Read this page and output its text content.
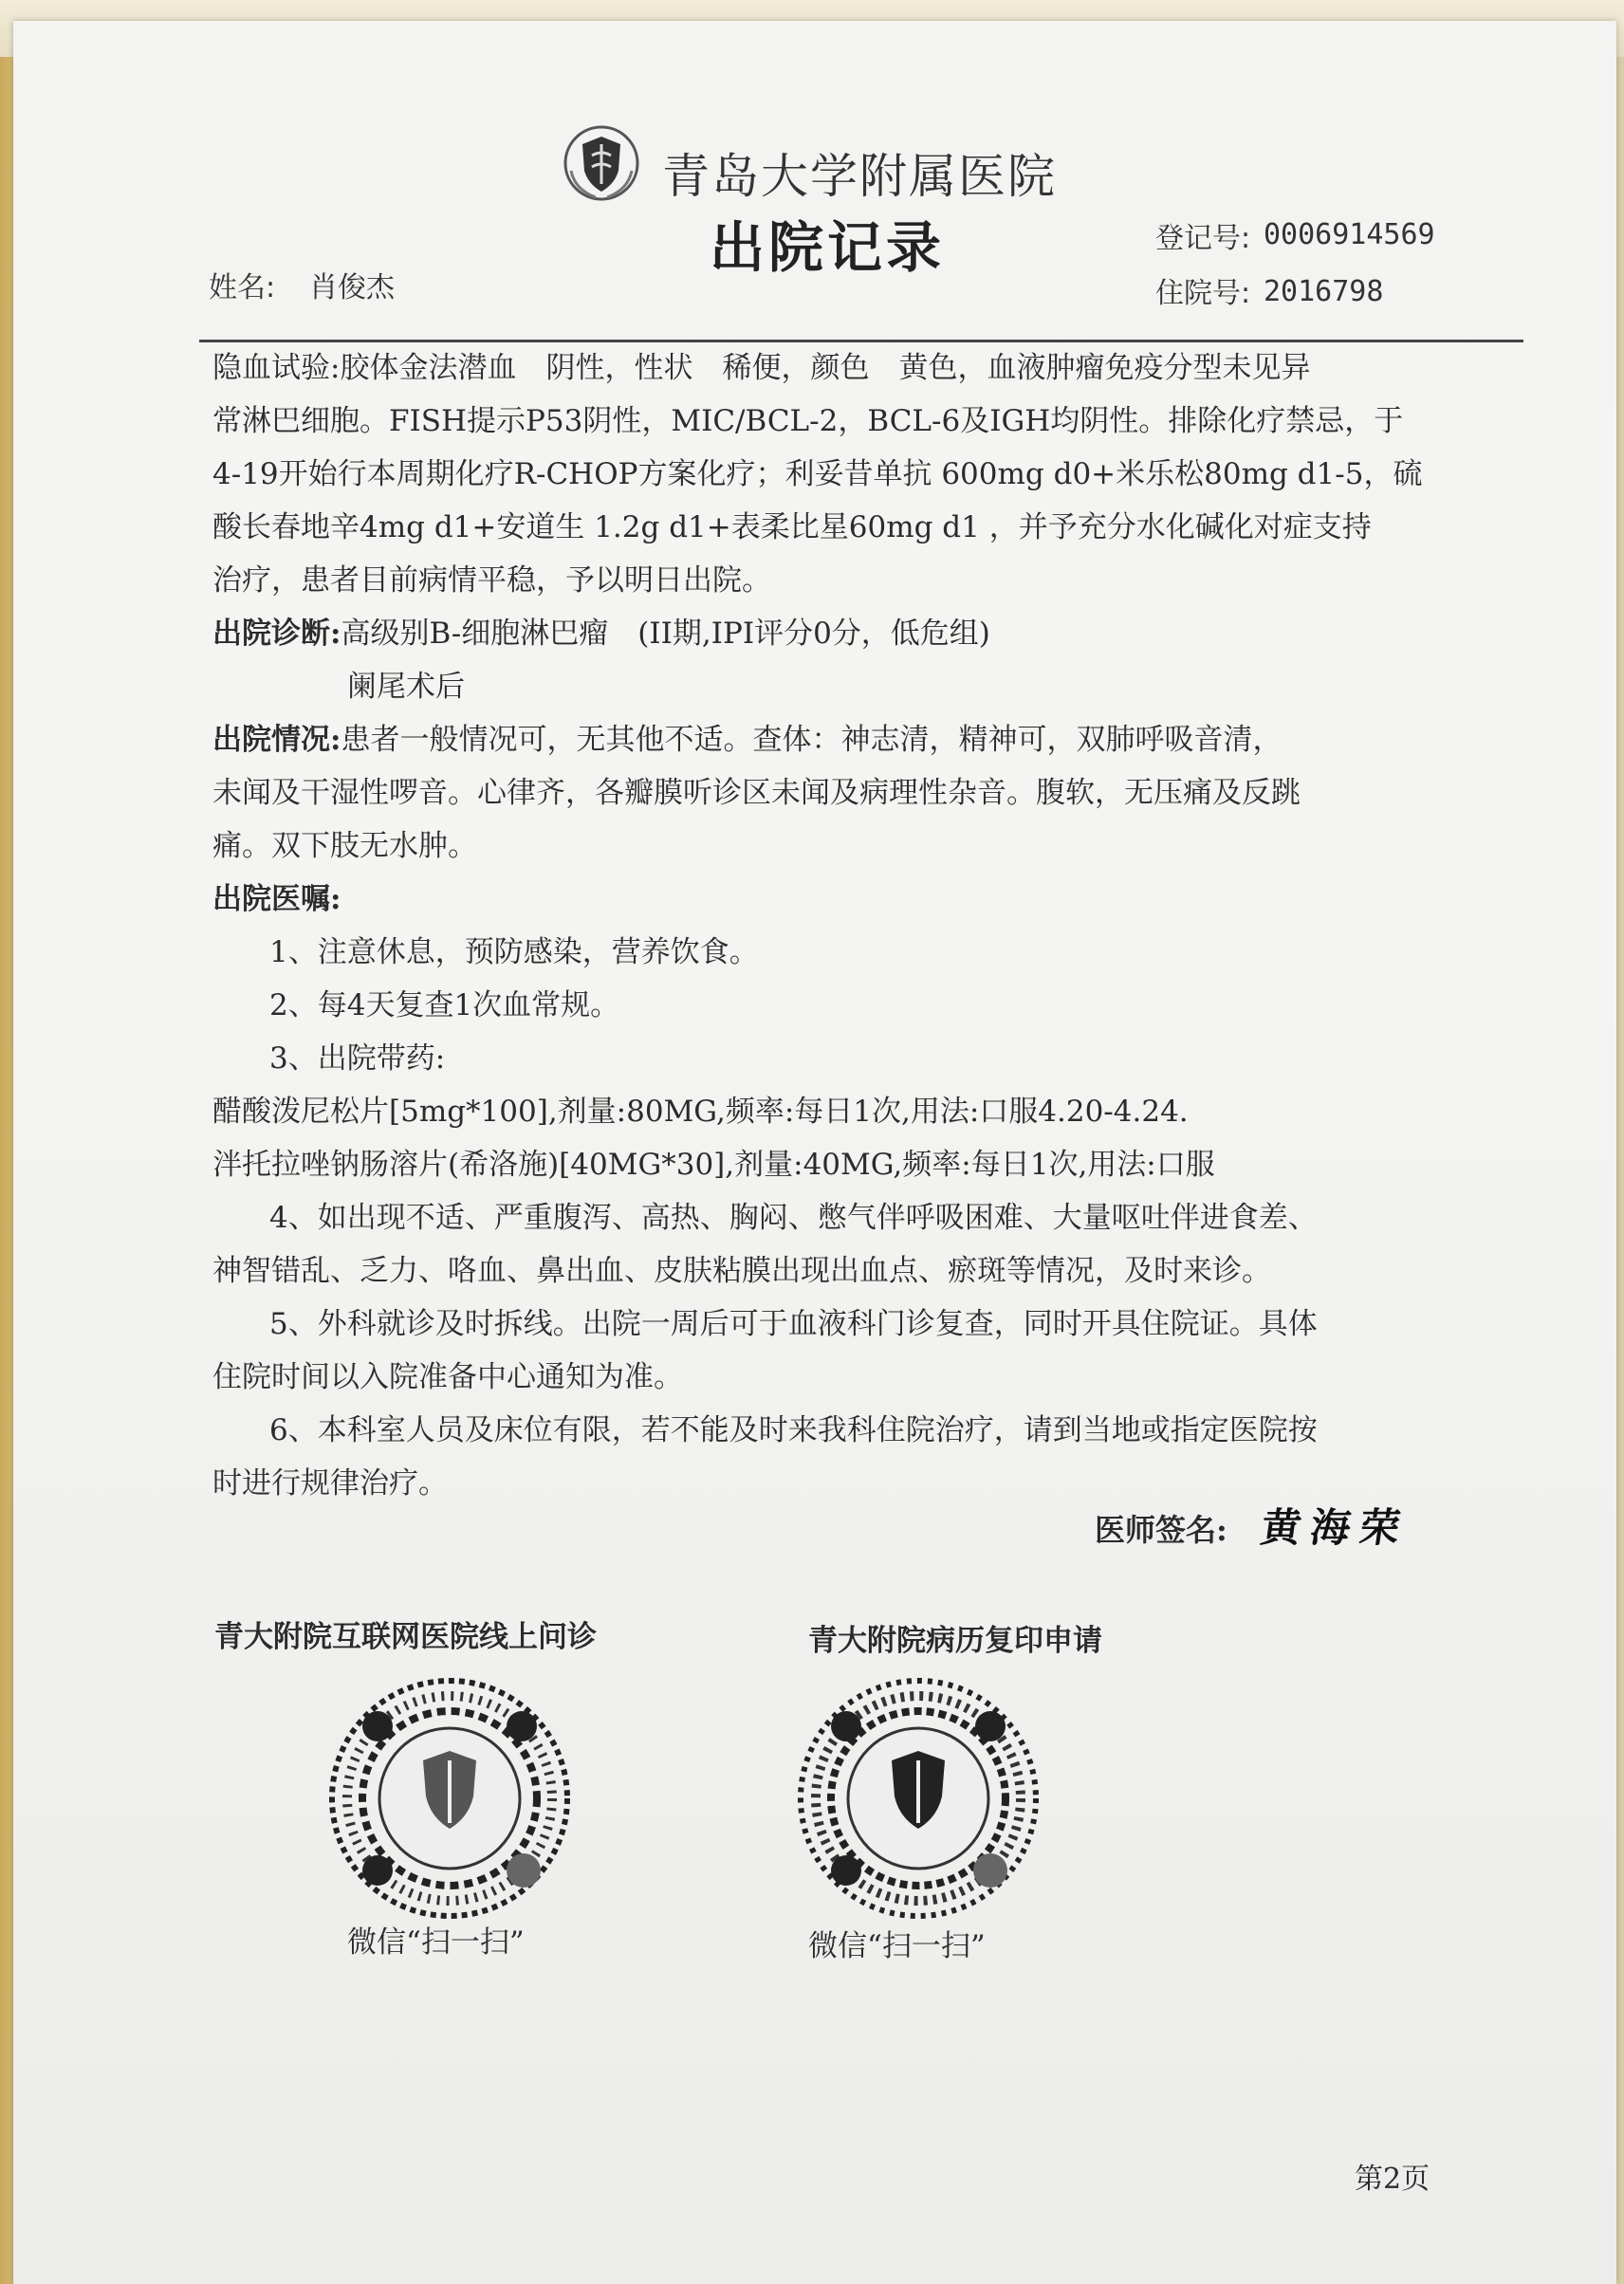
青岛大学附属医院
出院记录
姓名: 肖俊杰
登记号: 0006914569
住院号: 2016798
隐血试验:胶体金法潜血　阴性，性状　稀便，颜色　黄色，血液肿瘤免疫分型未见异
常淋巴细胞。FISH提示P53阴性，MIC/BCL-2，BCL-6及IGH均阴性。排除化疗禁忌，于
4-19开始行本周期化疗R-CHOP方案化疗；利妥昔单抗 600mg d0+米乐松80mg d1-5，硫
酸长春地辛4mg d1+安道生 1.2g d1+表柔比星60mg d1 ，并予充分水化碱化对症支持
治疗，患者目前病情平稳，予以明日出院。
出院诊断:高级别B-细胞淋巴瘤　(II期,IPI评分0分，低危组)
阑尾术后
出院情况:患者一般情况可，无其他不适。查体：神志清，精神可，双肺呼吸音清，
未闻及干湿性啰音。心律齐，各瓣膜听诊区未闻及病理性杂音。腹软，无压痛及反跳
痛。双下肢无水肿。
出院医嘱:
1、注意休息，预防感染，营养饮食。
2、每4天复查1次血常规。
3、出院带药:
醋酸泼尼松片[5mg*100],剂量:80MG,频率:每日1次,用法:口服4.20-4.24.
泮托拉唑钠肠溶片(希洛施)[40MG*30],剂量:40MG,频率:每日1次,用法:口服
4、如出现不适、严重腹泻、高热、胸闷、憋气伴呼吸困难、大量呕吐伴进食差、
神智错乱、乏力、咯血、鼻出血、皮肤粘膜出现出血点、瘀斑等情况，及时来诊。
5、外科就诊及时拆线。出院一周后可于血液科门诊复查，同时开具住院证。具体
住院时间以入院准备中心通知为准。
6、本科室人员及床位有限，若不能及时来我科住院治疗，请到当地或指定医院按
时进行规律治疗。
医师签名: 黄海荣
青大附院互联网医院线上问诊
微信“扫一扫”
青大附院病历复印申请
微信“扫一扫”
第2页
